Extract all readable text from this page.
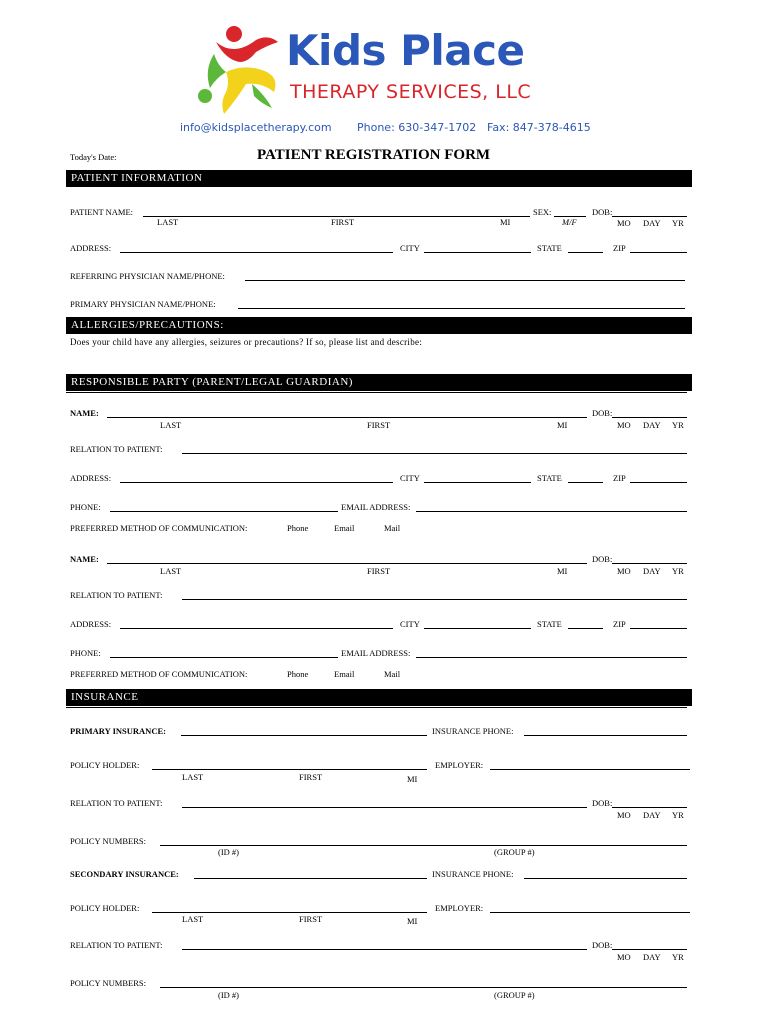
Kids Place
THERAPY SERVICES, LLC
info@kidsplacetherapy.com Phone: 630-347-1702 Fax: 847-378-4615
Today's Date:	PATIENT REGISTRATION FORM
PATIENT INFORMATION
PATIENT NAME:
LAST	FIRST	MI
SEX:
M/F
DOB:
MO DAY YR
ADDRESS:	CITY	STATE	ZIP
REFERRING PHYSICIAN NAME/PHONE:
PRIMARY PHYSICIAN NAME/PHONE:
ALLERGIES/PRECAUTIONS:
Does your child have any allergies, seizures or precautions? If so, please list and describe:
RESPONSIBLE PARTY (PARENT/LEGAL GUARDIAN)
NAME:
LAST	FIRST	MI
DOB:
MO DAY YR
RELATION TO PATIENT:
ADDRESS:	CITY	STATE	ZIP
PHONE:	EMAIL ADDRESS:
PREFERRED METHOD OF COMMUNICATION:	Phone	Email	Mail
NAME:
LAST	FIRST	MI
DOB:
MO DAY YR
RELATION TO PATIENT:
ADDRESS:	CITY	STATE	ZIP
PHONE:	EMAIL ADDRESS:
PREFERRED METHOD OF COMMUNICATION:	Phone	Email	Mail
INSURANCE
PRIMARY INSURANCE:	INSURANCE PHONE:
POLICY HOLDER:
LAST	FIRST	MI
EMPLOYER:
RELATION TO PATIENT:	DOB:
MO DAY YR
POLICY NUMBERS:
(ID #)	(GROUP #)
SECONDARY INSURANCE:	INSURANCE PHONE:
POLICY HOLDER:
LAST	FIRST	MI
EMPLOYER:
RELATION TO PATIENT:	DOB:
MO DAY YR
POLICY NUMBERS:
(ID #)	(GROUP #)
